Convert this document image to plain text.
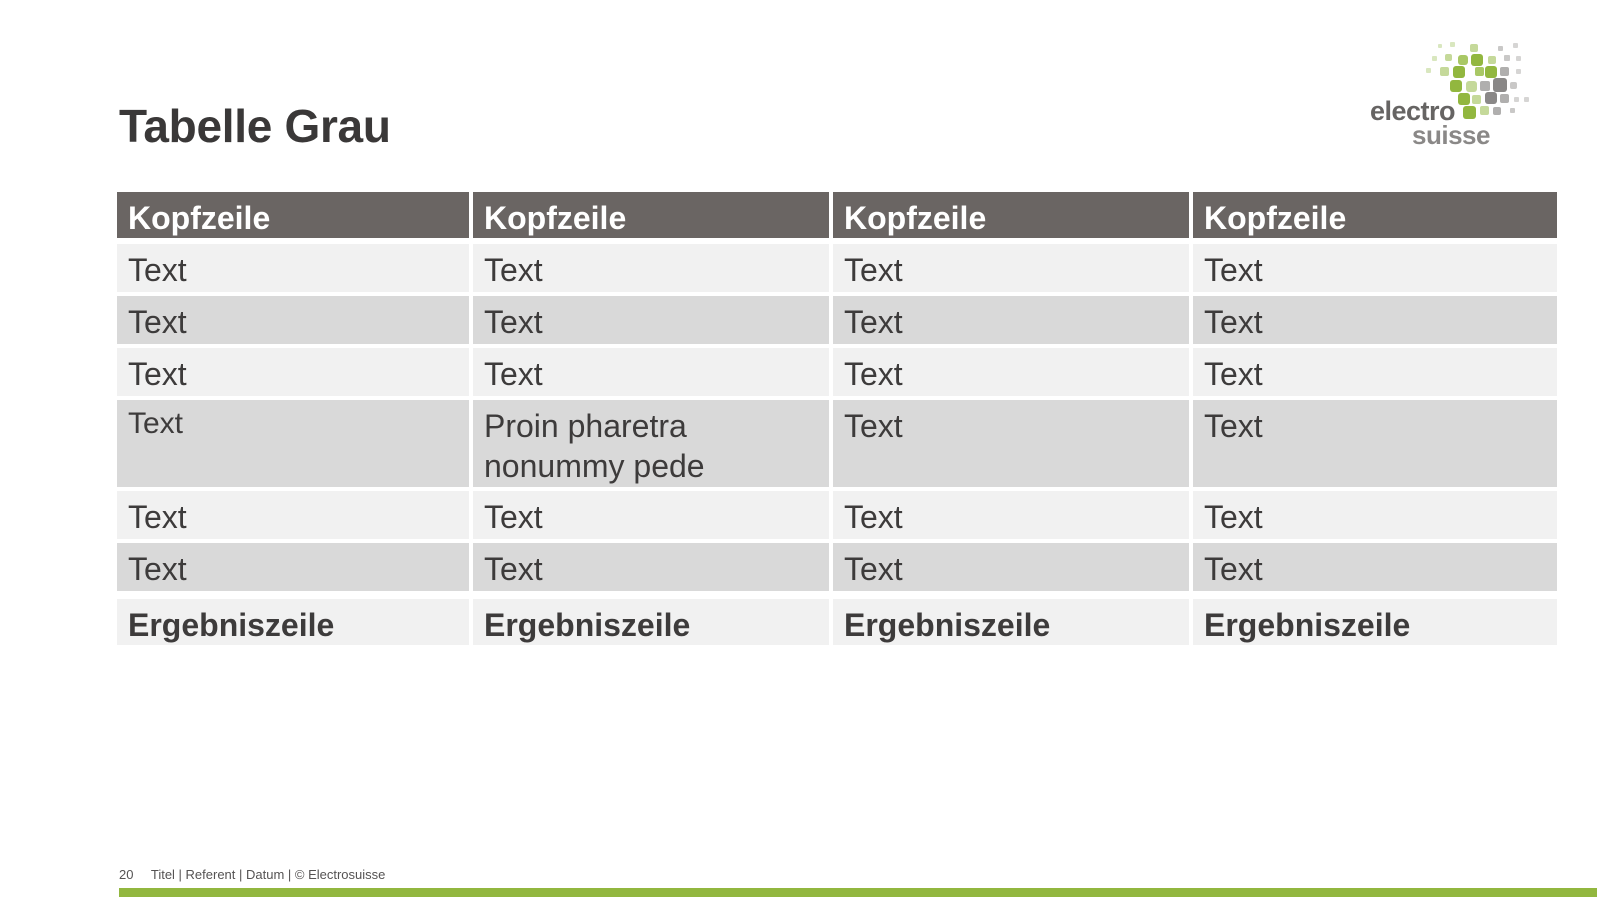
Tabelle Grau	electro
suisse
Kopfzeile	Kopfzeile	Kopfzeile	Kopfzeile
Text	Text	Text	Text
Text	Text	Text	Text
Text	Text	Text	Text
Text	Proin pharetra nonummy pede	Text	Text
Text	Text	Text	Text
Text	Text	Text	Text
Ergebniszeile	Ergebniszeile	Ergebniszeile	Ergebniszeile
20 Titel | Referent | Datum | © Electrosuisse
